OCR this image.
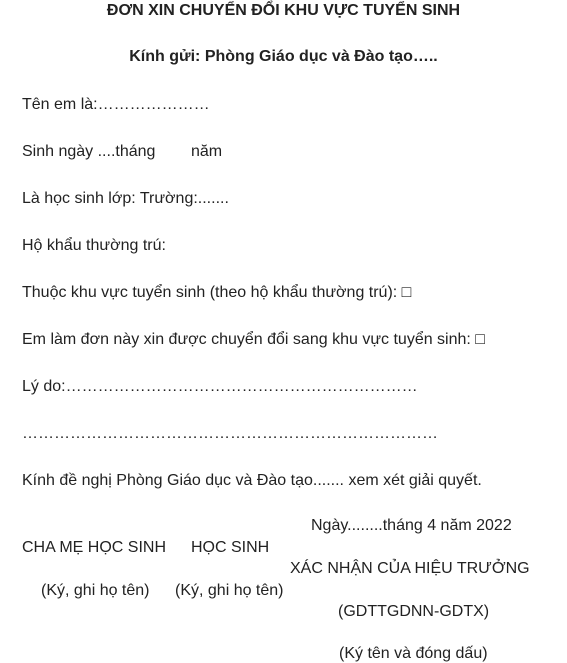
ĐƠN XIN CHUYỂN ĐỔI KHU VỰC TUYỂN SINH
Kính gửi: Phòng Giáo dục và Đào tạo…..
Tên em là:…………………
Sinh ngày ....tháng        năm
Là học sinh lớp: Trường:.......
Hộ khẩu thường trú:
Thuộc khu vực tuyển sinh (theo hộ khẩu thường trú): □
Em làm đơn này xin được chuyển đổi sang khu vực tuyển sinh: □
Lý do:…………………………………………………………
……………………………………………………………………
Kính đề nghị Phòng Giáo dục và Đào tạo....... xem xét giải quyết.
Ngày........tháng 4 năm 2022
CHA MẸ HỌC SINH HỌC SINH
XÁC NHẬN CỦA HIỆU TRƯỞNG
(Ký, ghi họ tên) (Ký, ghi họ tên)
(GDTTGDNN-GDTX)
(Ký tên và đóng dấu)
